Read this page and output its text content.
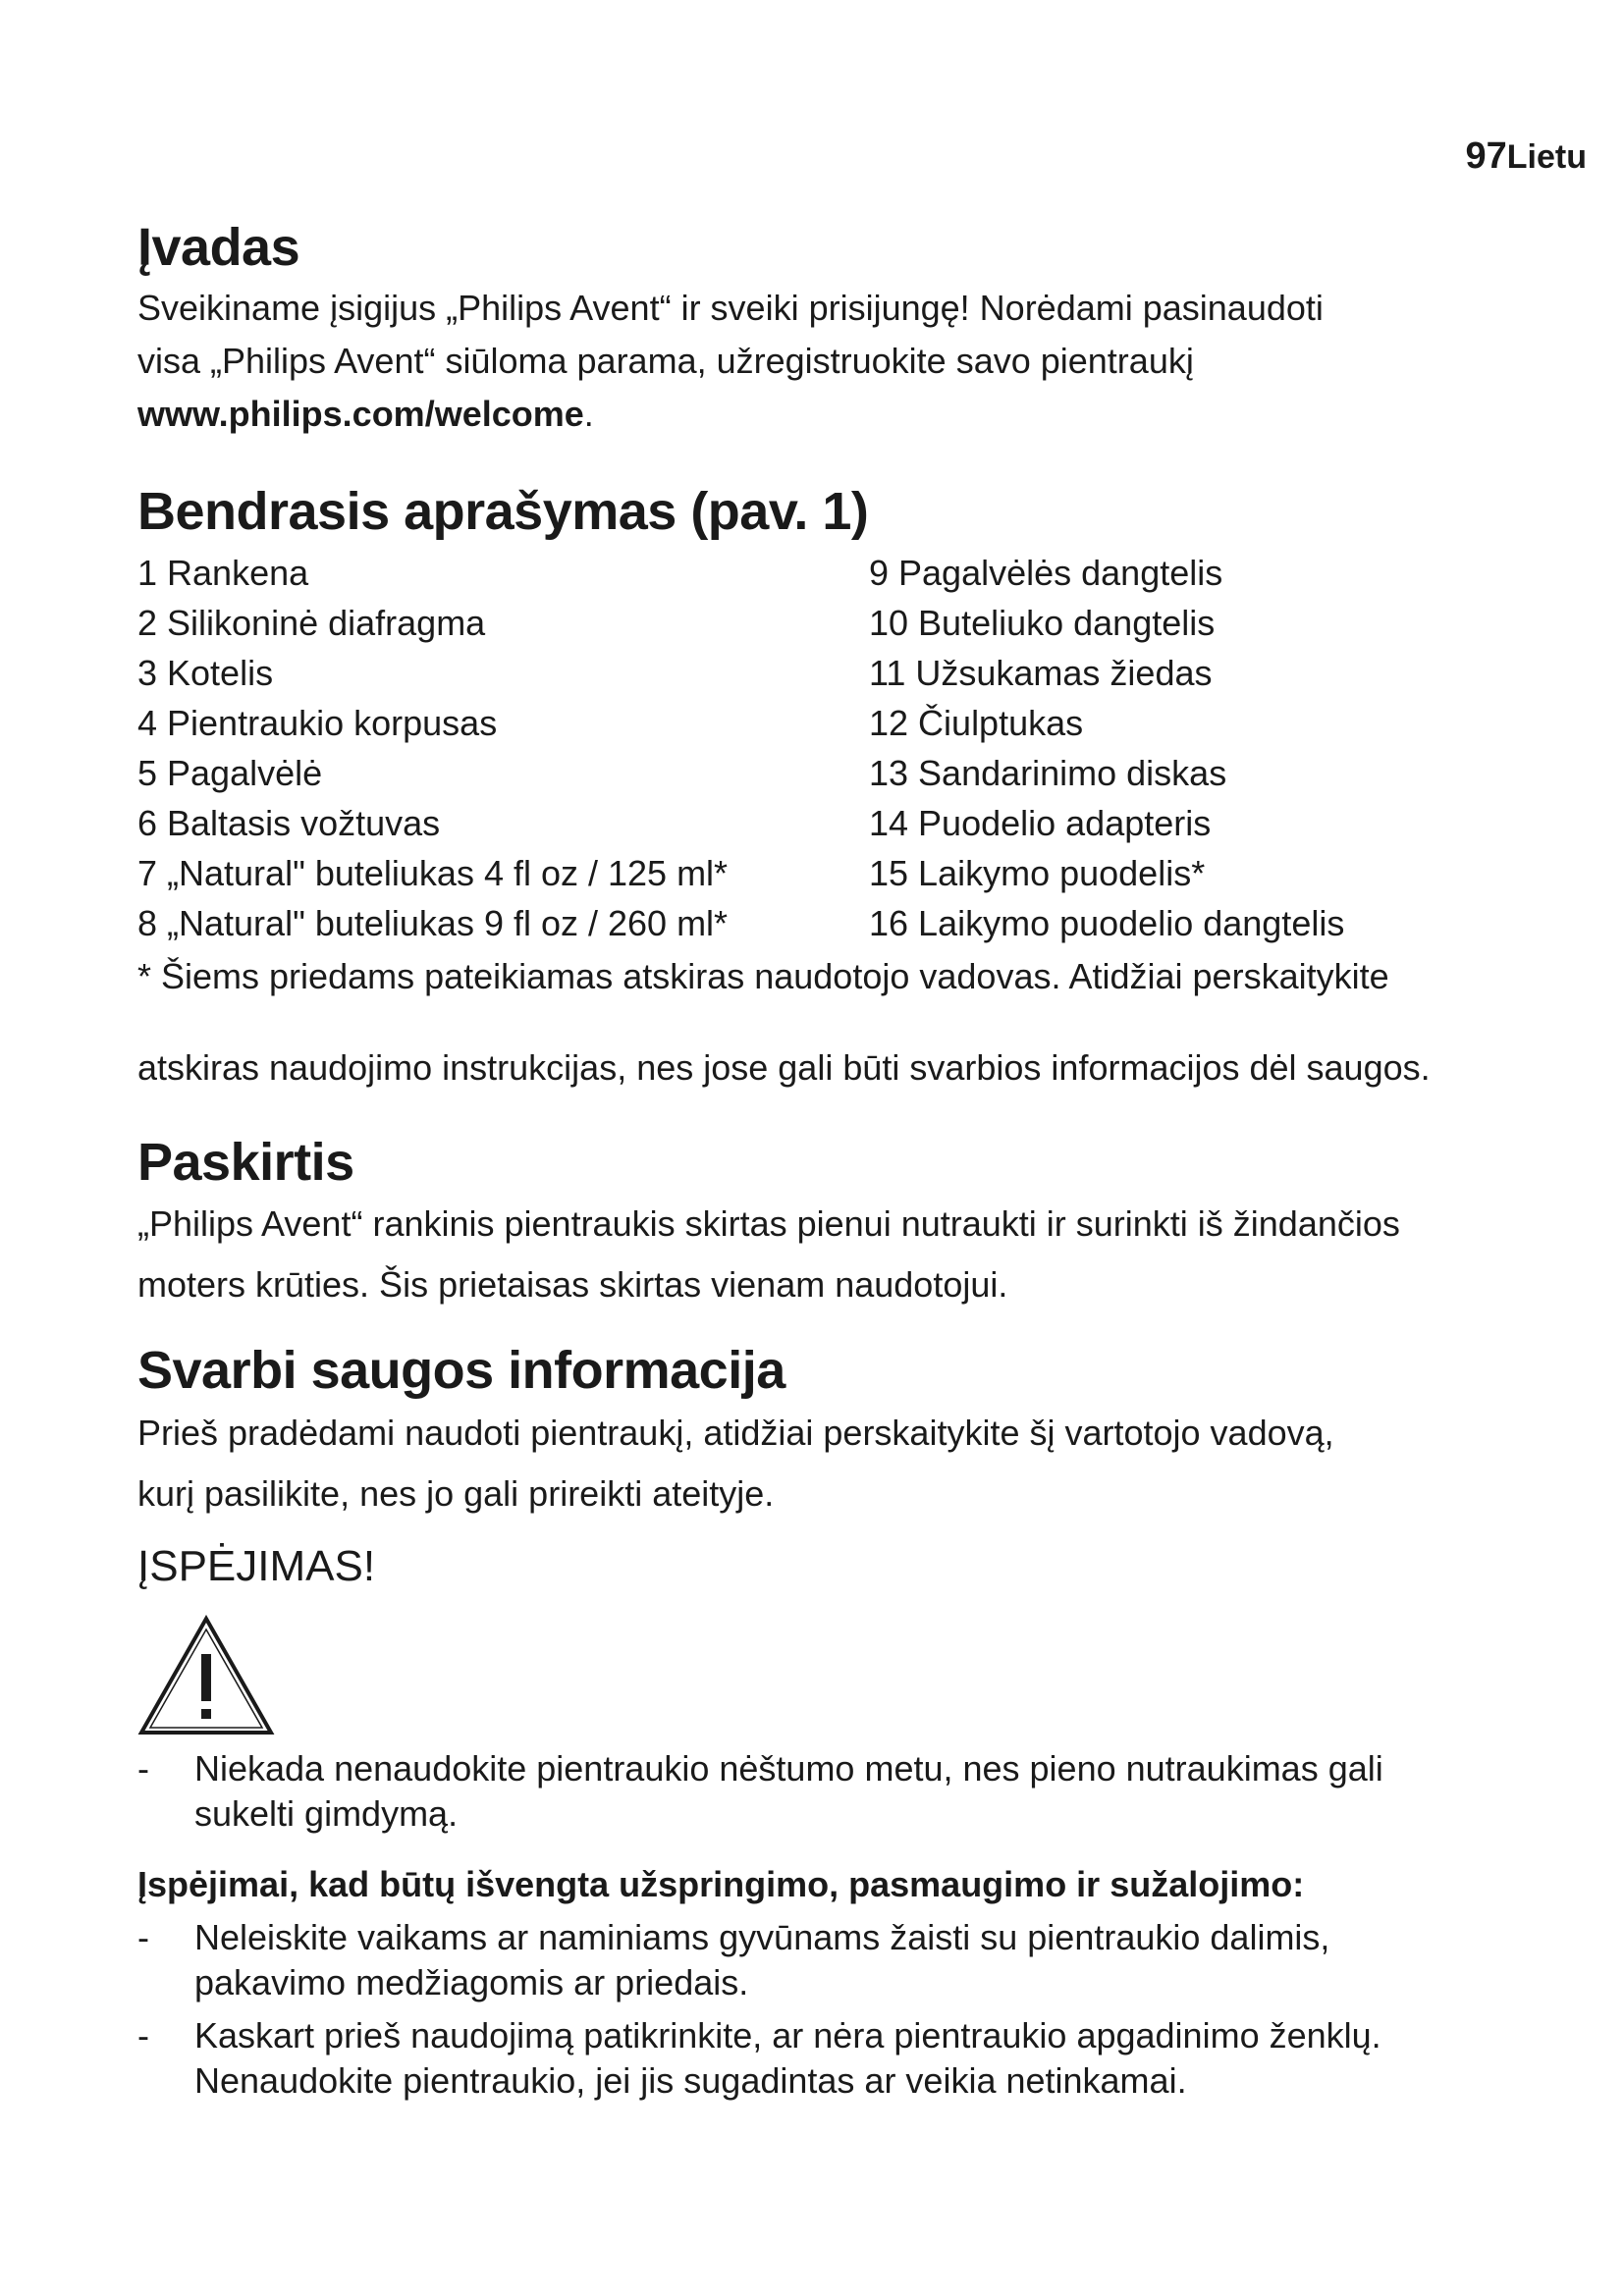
97Lietu
Įvadas

Sveikiname įsigijus „Philips Avent“ ir sveiki prisijungę! Norėdami pasinaudoti

visa „Philips Avent“ siūloma parama, užregistruokite savo pientraukį

www.philips.com/welcome.

Bendrasis aprašymas (pav. 1)
1 Rankena	9 Pagalvėlės dangtelis
2 Silikoninė diafragma	10 Buteliuko dangtelis
3 Kotelis	11 Užsukamas žiedas
4 Pientraukio korpusas	12 Čiulptukas
5 Pagalvėlė	13 Sandarinimo diskas
6 Baltasis vožtuvas	14 Puodelio adapteris
7 „Natural" buteliukas 4 fl oz / 125 ml*	15 Laikymo puodelis*
8 „Natural" buteliukas 9 fl oz / 260 ml*	16 Laikymo puodelio dangtelis

* Šiems priedams pateikiamas atskiras naudotojo vadovas. Atidžiai perskaitykite

atskiras naudojimo instrukcijas, nes jose gali būti svarbios informacijos dėl saugos.

Paskirtis

„Philips Avent“ rankinis pientraukis skirtas pienui nutraukti ir surinkti iš žindančios

moters krūties. Šis prietaisas skirtas vienam naudotojui.

Svarbi saugos informacija

Prieš pradėdami naudoti pientraukį, atidžiai perskaitykite šį vartotojo vadovą,

kurį pasilikite, nes jo gali prireikti ateityje.

ĮSPĖJIMAS!
-	Niekada nenaudokite pientraukio nėštumo metu, nes pieno nutraukimas gali
sukelti gimdymą.

Įspėjimai, kad būtų išvengta užspringimo, pasmaugimo ir sužalojimo:

-	Neleiskite vaikams ar naminiams gyvūnams žaisti su pientraukio dalimis,
pakavimo medžiagomis ar priedais.
-	Kaskart prieš naudojimą patikrinkite, ar nėra pientraukio apgadinimo ženklų.
Nenaudokite pientraukio, jei jis sugadintas ar veikia netinkamai.
